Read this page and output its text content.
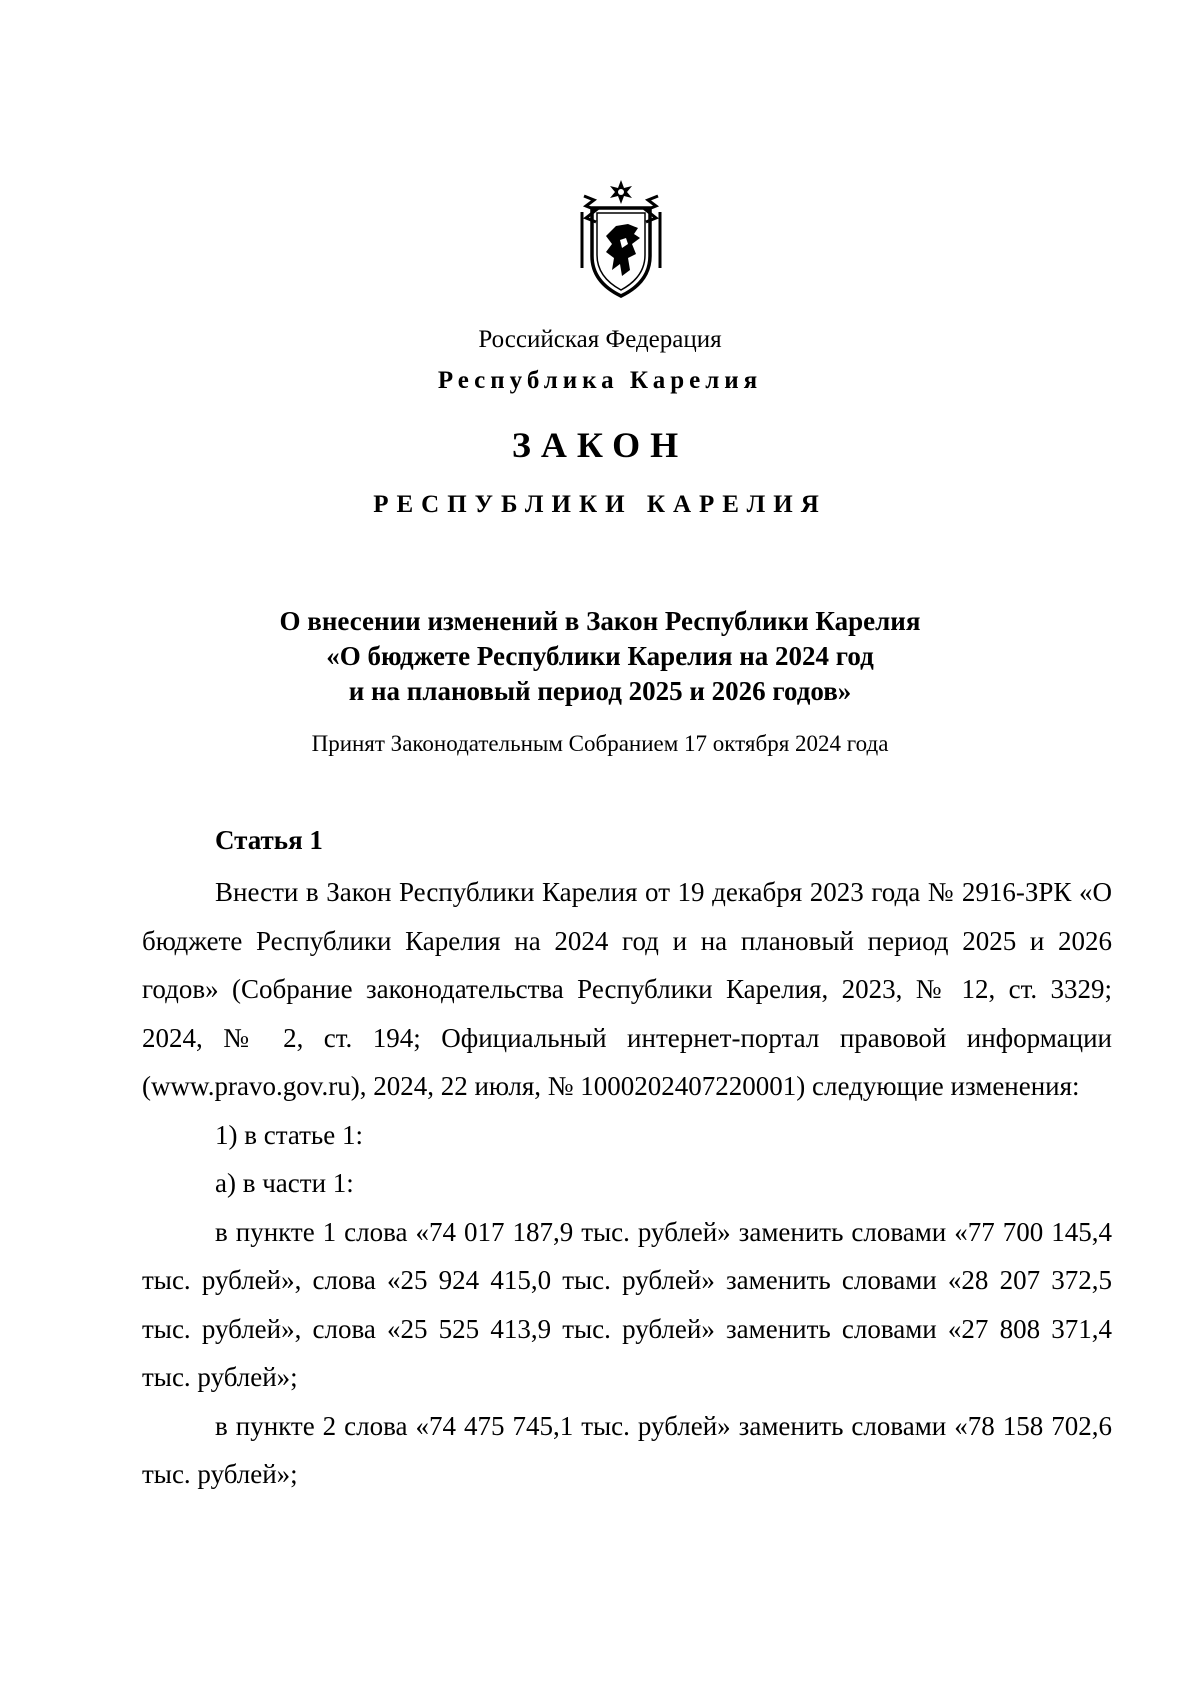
Российская Федерация
Республика Карелия
ЗАКОН
РЕСПУБЛИКИ КАРЕЛИЯ
О внесении изменений в Закон Республики Карелия
«О бюджете Республики Карелия на 2024 год
и на плановый период 2025 и 2026 годов»
Принят Законодательным Собранием 17 октября 2024 года
Статья 1

Внести в Закон Республики Карелия от 19 декабря 2023 года № 2916-ЗРК «О бюджете Республики Карелия на 2024 год и на плановый период 2025 и 2026 годов» (Собрание законодательства Республики Карелия, 2023, № 12, ст. 3329; 2024, № 2, ст. 194; Официальный интернет-портал правовой информации (www.pravo.gov.ru), 2024, 22 июля, № 1000202407220001) следующие изменения:

1) в статье 1:

а) в части 1:

в пункте 1 слова «74 017 187,9 тыс. рублей» заменить словами «77 700 145,4 тыс. рублей», слова «25 924 415,0 тыс. рублей» заменить словами «28 207 372,5 тыс. рублей», слова «25 525 413,9 тыс. рублей» заменить словами «27 808 371,4 тыс. рублей»;

в пункте 2 слова «74 475 745,1 тыс. рублей» заменить словами «78 158 702,6 тыс. рублей»;
